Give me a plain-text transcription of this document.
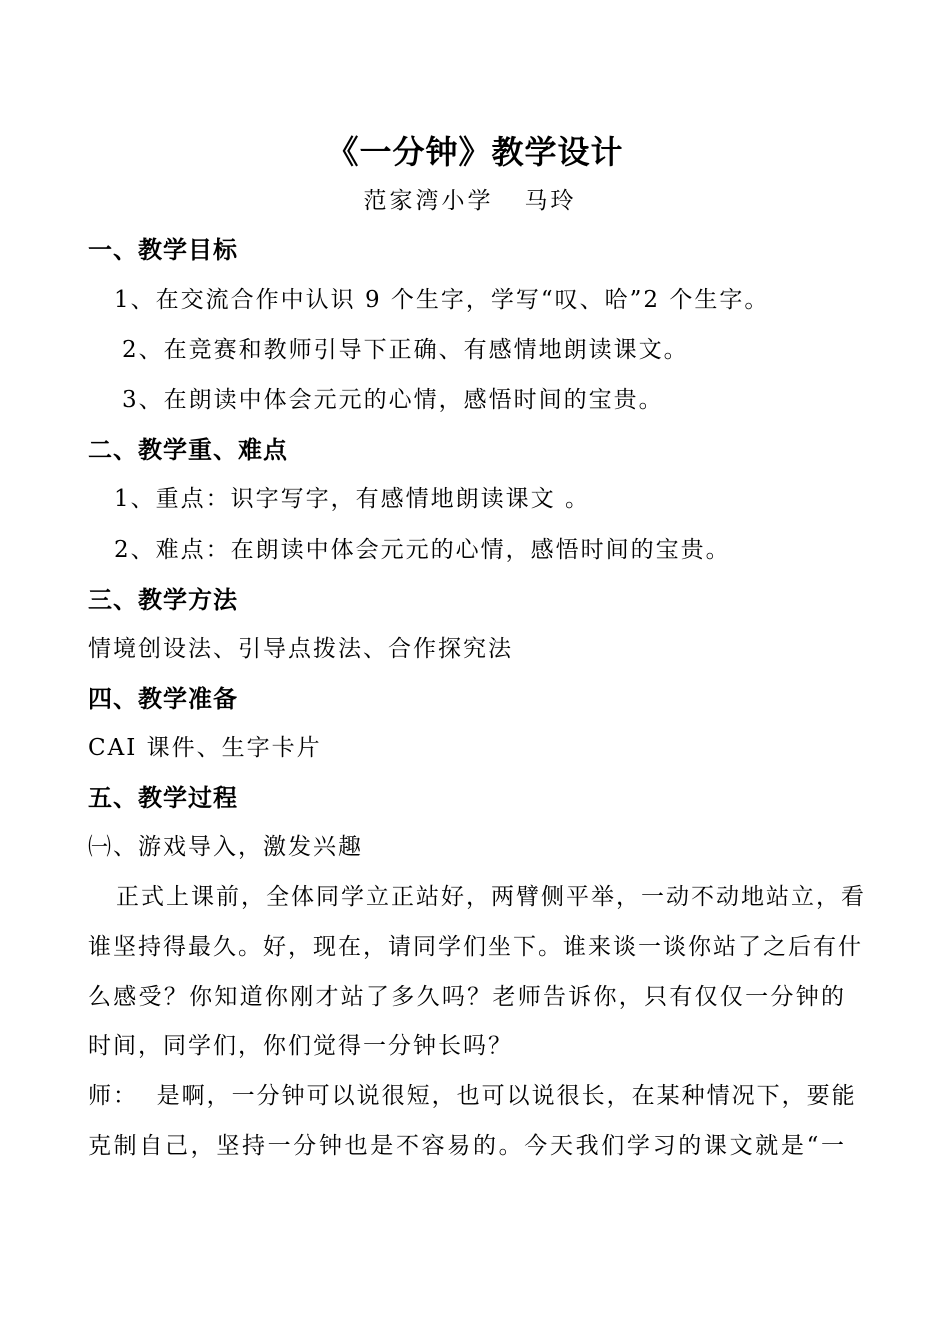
《一分钟》教学设计
范家湾小学   马玲
一、教学目标
1、在交流合作中认识 9 个生字，学写“叹、哈”2 个生字。
2、在竞赛和教师引导下正确、有感情地朗读课文。
3、在朗读中体会元元的心情，感悟时间的宝贵。
二、教学重、难点
1、重点：识字写字，有感情地朗读课文 。
2、难点：在朗读中体会元元的心情，感悟时间的宝贵。
三、教学方法
情境创设法、引导点拨法、合作探究法
四、教学准备
CAI 课件、生字卡片
五、教学过程
㈠、游戏导入，激发兴趣
正式上课前，全体同学立正站好，两臂侧平举，一动不动地站立，看
谁坚持得最久。好，现在，请同学们坐下。谁来谈一谈你站了之后有什
么感受？你知道你刚才站了多久吗？老师告诉你，只有仅仅一分钟的
时间，同学们，你们觉得一分钟长吗？
师：  是啊，一分钟可以说很短，也可以说很长，在某种情况下，要能
克制自己，坚持一分钟也是不容易的。今天我们学习的课文就是“一
